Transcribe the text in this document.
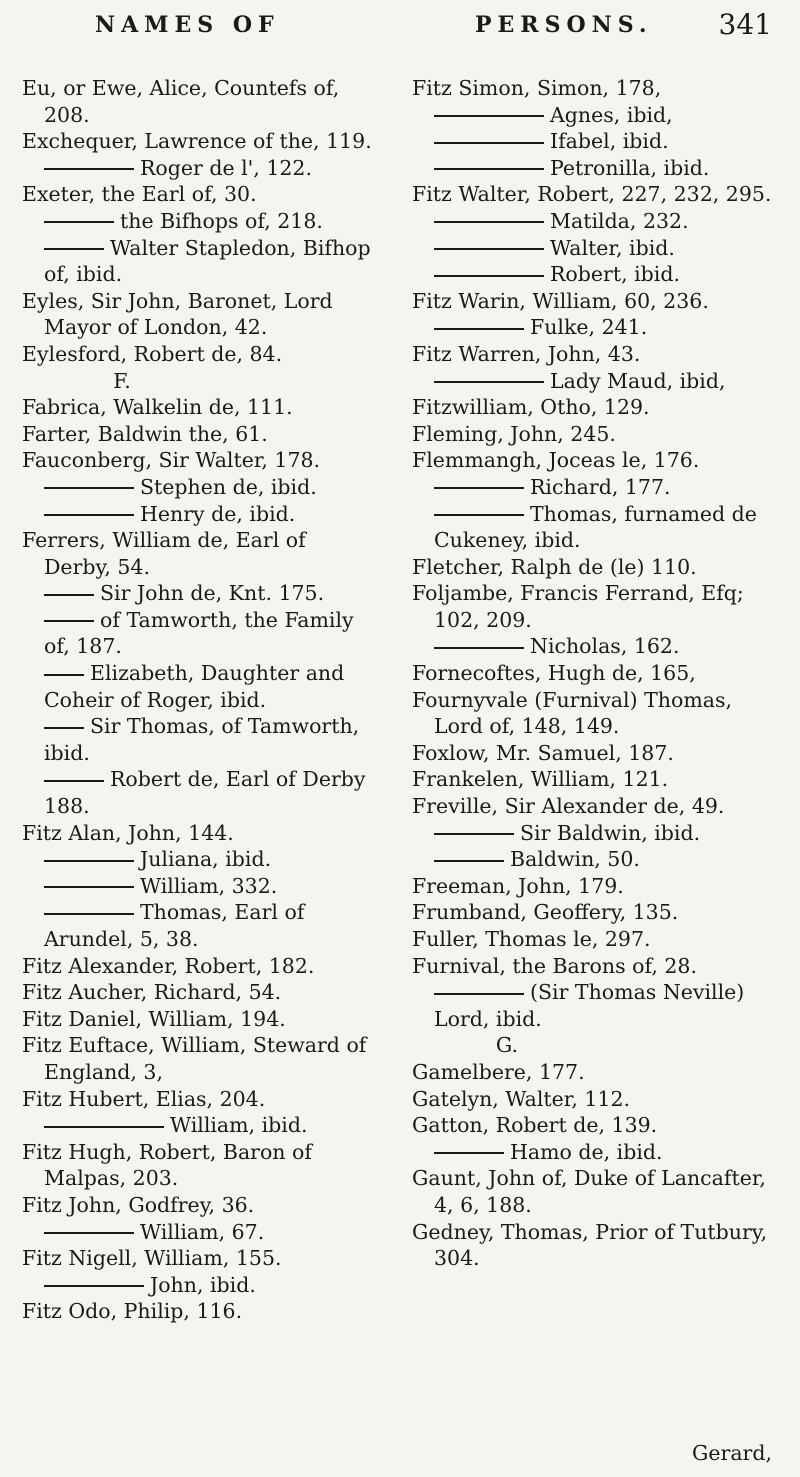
NAMES OF	PERSONS. 341
Eu, or Ewe, Alice, Countefs of, 208.
Exchequer, Lawrence of the, 119.
Roger de l', 122.
Exeter, the Earl of, 30.
the Bifhops of, 218.
Walter Stapledon, Bifhop of, ibid.
Eyles, Sir John, Baronet, Lord Mayor of London, 42.
Eylesford, Robert de, 84.
F.
Fabrica, Walkelin de, 111.
Farter, Baldwin the, 61.
Fauconberg, Sir Walter, 178.
Stephen de, ibid.
Henry de, ibid.
Ferrers, William de, Earl of Derby, 54.
Sir John de, Knt. 175.
of Tamworth, the Family of, 187.
Elizabeth, Daughter and Coheir of Roger, ibid.
Sir Thomas, of Tamworth, ibid.
Robert de, Earl of Derby 188.
Fitz Alan, John, 144.
Juliana, ibid.
William, 332.
Thomas, Earl of Arundel, 5, 38.
Fitz Alexander, Robert, 182.
Fitz Aucher, Richard, 54.
Fitz Daniel, William, 194.
Fitz Euftace, William, Steward of England, 3,
Fitz Hubert, Elias, 204.
William, ibid.
Fitz Hugh, Robert, Baron of Malpas, 203.
Fitz John, Godfrey, 36.
William, 67.
Fitz Nigell, William, 155.
John, ibid.
Fitz Odo, Philip, 116.
Fitz Simon, Simon, 178,
Agnes, ibid,
Ifabel, ibid.
Petronilla, ibid.
Fitz Walter, Robert, 227, 232, 295.
Matilda, 232.
Walter, ibid.
Robert, ibid.
Fitz Warin, William, 60, 236.
Fulke, 241.
Fitz Warren, John, 43.
Lady Maud, ibid,
Fitzwilliam, Otho, 129.
Fleming, John, 245.
Flemmangh, Joceas le, 176.
Richard, 177.
Thomas, furnamed de Cukeney, ibid.
Fletcher, Ralph de (le) 110.
Foljambe, Francis Ferrand, Efq; 102, 209.
Nicholas, 162.
Fornecoftes, Hugh de, 165,
Fournyvale (Furnival) Thomas, Lord of, 148, 149.
Foxlow, Mr. Samuel, 187.
Frankelen, William, 121.
Freville, Sir Alexander de, 49.
Sir Baldwin, ibid.
Baldwin, 50.
Freeman, John, 179.
Frumband, Geoffery, 135.
Fuller, Thomas le, 297.
Furnival, the Barons of, 28.
(Sir Thomas Neville) Lord, ibid.
G.
Gamelbere, 177.
Gatelyn, Walter, 112.
Gatton, Robert de, 139.
Hamo de, ibid.
Gaunt, John of, Duke of Lancafter, 4, 6, 188.
Gedney, Thomas, Prior of Tutbury, 304.
Gerard,
